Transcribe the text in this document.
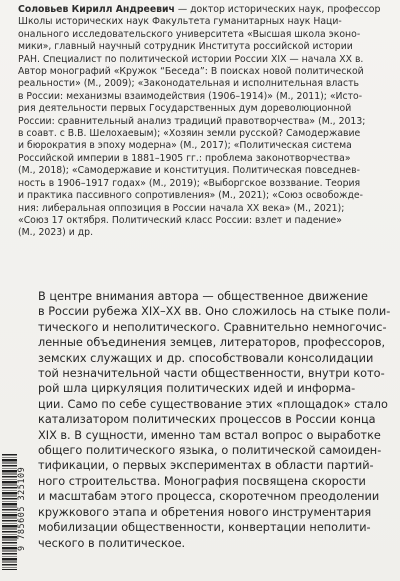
Соловьев Кирилл Андреевич — доктор исторических наук, профессор
Школы исторических наук Факультета гуманитарных наук Наци-
онального исследовательского университета «Высшая школа эконо-
мики», главный научный сотрудник Института российской истории
РАН. Специалист по политической истории России XIX — начала XX в.
Автор монографий «Кружок “Беседа”: В поисках новой политической
реальности» (М., 2009); «Законодательная и исполнительная власть
в России: механизмы взаимодействия (1906–1914)» (М., 2011); «Исто-
рия деятельности первых Государственных дум дореволюционной
России: сравнительный анализ традиций правотворчества» (М., 2013;
в соавт. с В.В. Шелохаевым); «Хозяин земли русской? Самодержавие
и бюрократия в эпоху модерна» (М., 2017); «Политическая система
Российской империи в 1881–1905 гг.: проблема законотворчества»
(М., 2018); «Самодержавие и конституция. Политическая повседнев-
ность в 1906–1917 годах» (М., 2019); «Выборгское воззвание. Теория
и практика пассивного сопротивления» (М., 2021); «Союз освобожде-
ния: либеральная оппозиция в России начала XX века» (М., 2021);
«Союз 17 октября. Политический класс России: взлет и падение»
(М., 2023) и др.
В центре внимания автора — общественное движение
в России рубежа XIX–XX вв. Оно сложилось на стыке поли-
тического и неполитического. Сравнительно немногочис-
ленные объединения земцев, литераторов, профессоров,
земских служащих и др. способствовали консолидации
той незначительной части общественности, внутри кото-
рой шла циркуляция политических идей и информа-
ции. Само по себе существование этих «площадок» стало
катализатором политических процессов в России конца
XIX в. В сущности, именно там встал вопрос о выработке
общего политического языка, о политической самоиден-
тификации, о первых экспериментах в области партий-
ного строительства. Монография посвящена скорости
и масштабам этого процесса, скоротечном преодолении
кружкового этапа и обретения нового инструментария
мобилизации общественности, конвертации неполити-
ческого в политическое.
9 785605 325109
